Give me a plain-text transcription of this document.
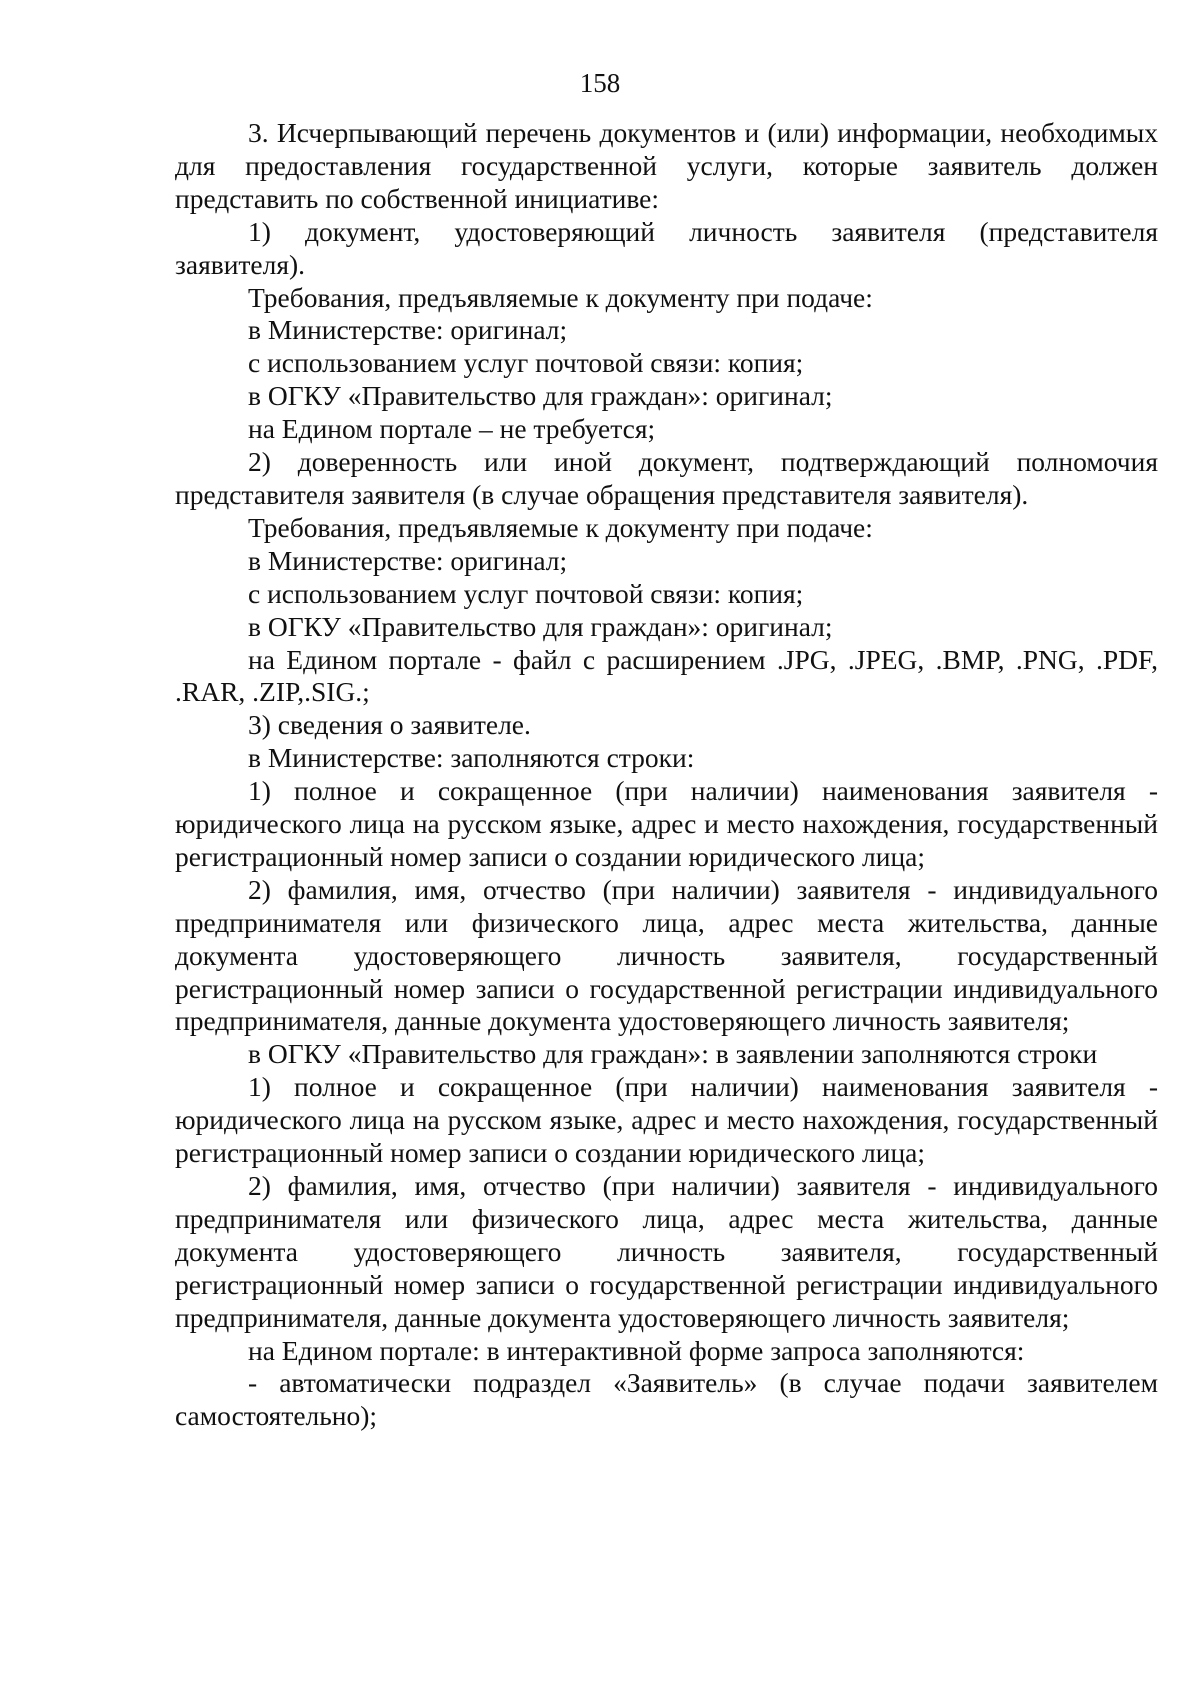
158

3. Исчерпывающий перечень документов и (или) информации, необходимых для предоставления государственной услуги, которые заявитель должен представить по собственной инициативе:

1) документ, удостоверяющий личность заявителя (представителя заявителя).

Требования, предъявляемые к документу при подаче:

в Министерстве: оригинал;

с использованием услуг почтовой связи: копия;

в ОГКУ «Правительство для граждан»: оригинал;

на Едином портале – не требуется;

2) доверенность или иной документ, подтверждающий полномочия представителя заявителя (в случае обращения представителя заявителя).

Требования, предъявляемые к документу при подаче:

в Министерстве: оригинал;

с использованием услуг почтовой связи: копия;

в ОГКУ «Правительство для граждан»: оригинал;

на Едином портале - файл с расширением .JPG, .JPEG, .BMP, .PNG, .PDF, .RAR, .ZIP,.SIG.;

3) сведения о заявителе.

в Министерстве: заполняются строки:

1) полное и сокращенное (при наличии) наименования заявителя - юридического лица на русском языке, адрес и место нахождения, государственный регистрационный номер записи о создании юридического лица;

2) фамилия, имя, отчество (при наличии) заявителя - индивидуального предпринимателя или физического лица, адрес места жительства, данные документа удостоверяющего личность заявителя, государственный регистрационный номер записи о государственной регистрации индивидуального предпринимателя, данные документа удостоверяющего личность заявителя;

в ОГКУ «Правительство для граждан»: в заявлении заполняются строки

1) полное и сокращенное (при наличии) наименования заявителя - юридического лица на русском языке, адрес и место нахождения, государственный регистрационный номер записи о создании юридического лица;

2) фамилия, имя, отчество (при наличии) заявителя - индивидуального предпринимателя или физического лица, адрес места жительства, данные документа удостоверяющего личность заявителя, государственный регистрационный номер записи о государственной регистрации индивидуального предпринимателя, данные документа удостоверяющего личность заявителя;

на Едином портале: в интерактивной форме запроса заполняются:

- автоматически подраздел «Заявитель» (в случае подачи заявителем самостоятельно);
